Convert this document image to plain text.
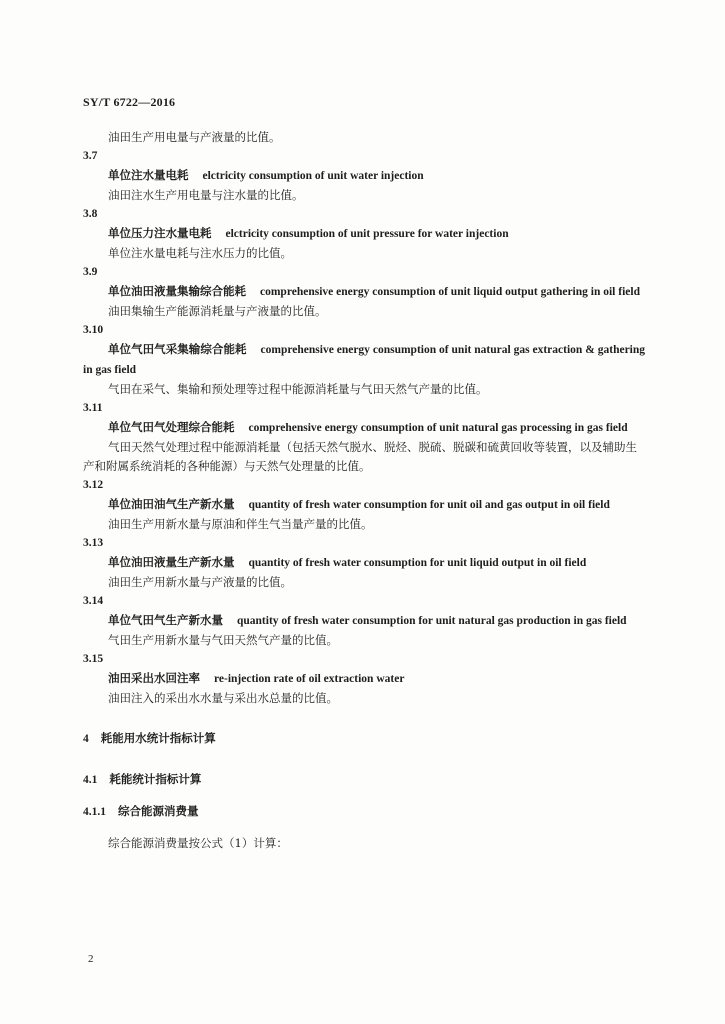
SY/T 6722—2016

油田生产用电量与产液量的比值。

3.7

单位注水量电耗 elctricity consumption of unit water injection

油田注水生产用电量与注水量的比值。

3.8

单位压力注水量电耗 elctricity consumption of unit pressure for water injection

单位注水量电耗与注水压力的比值。

3.9

单位油田液量集输综合能耗 comprehensive energy consumption of unit liquid output gathering in oil field

油田集输生产能源消耗量与产液量的比值。

3.10

单位气田气采集输综合能耗 comprehensive energy consumption of unit natural gas extraction & gathering in gas field

气田在采气、集输和预处理等过程中能源消耗量与气田天然气产量的比值。

3.11

单位气田气处理综合能耗 comprehensive energy consumption of unit natural gas processing in gas field

气田天然气处理过程中能源消耗量（包括天然气脱水、脱烃、脱硫、脱碳和硫黄回收等装置，以及辅助生产和附属系统消耗的各种能源）与天然气处理量的比值。

3.12

单位油田油气生产新水量 quantity of fresh water consumption for unit oil and gas output in oil field

油田生产用新水量与原油和伴生气当量产量的比值。

3.13

单位油田液量生产新水量 quantity of fresh water consumption for unit liquid output in oil field

油田生产用新水量与产液量的比值。

3.14

单位气田气生产新水量 quantity of fresh water consumption for unit natural gas production in gas field

气田生产用新水量与气田天然气产量的比值。

3.15

油田采出水回注率 re-injection rate of oil extraction water

油田注入的采出水水量与采出水总量的比值。

4 耗能用水统计指标计算

4.1 耗能统计指标计算

4.1.1 综合能源消费量

综合能源消费量按公式（1）计算：

2
